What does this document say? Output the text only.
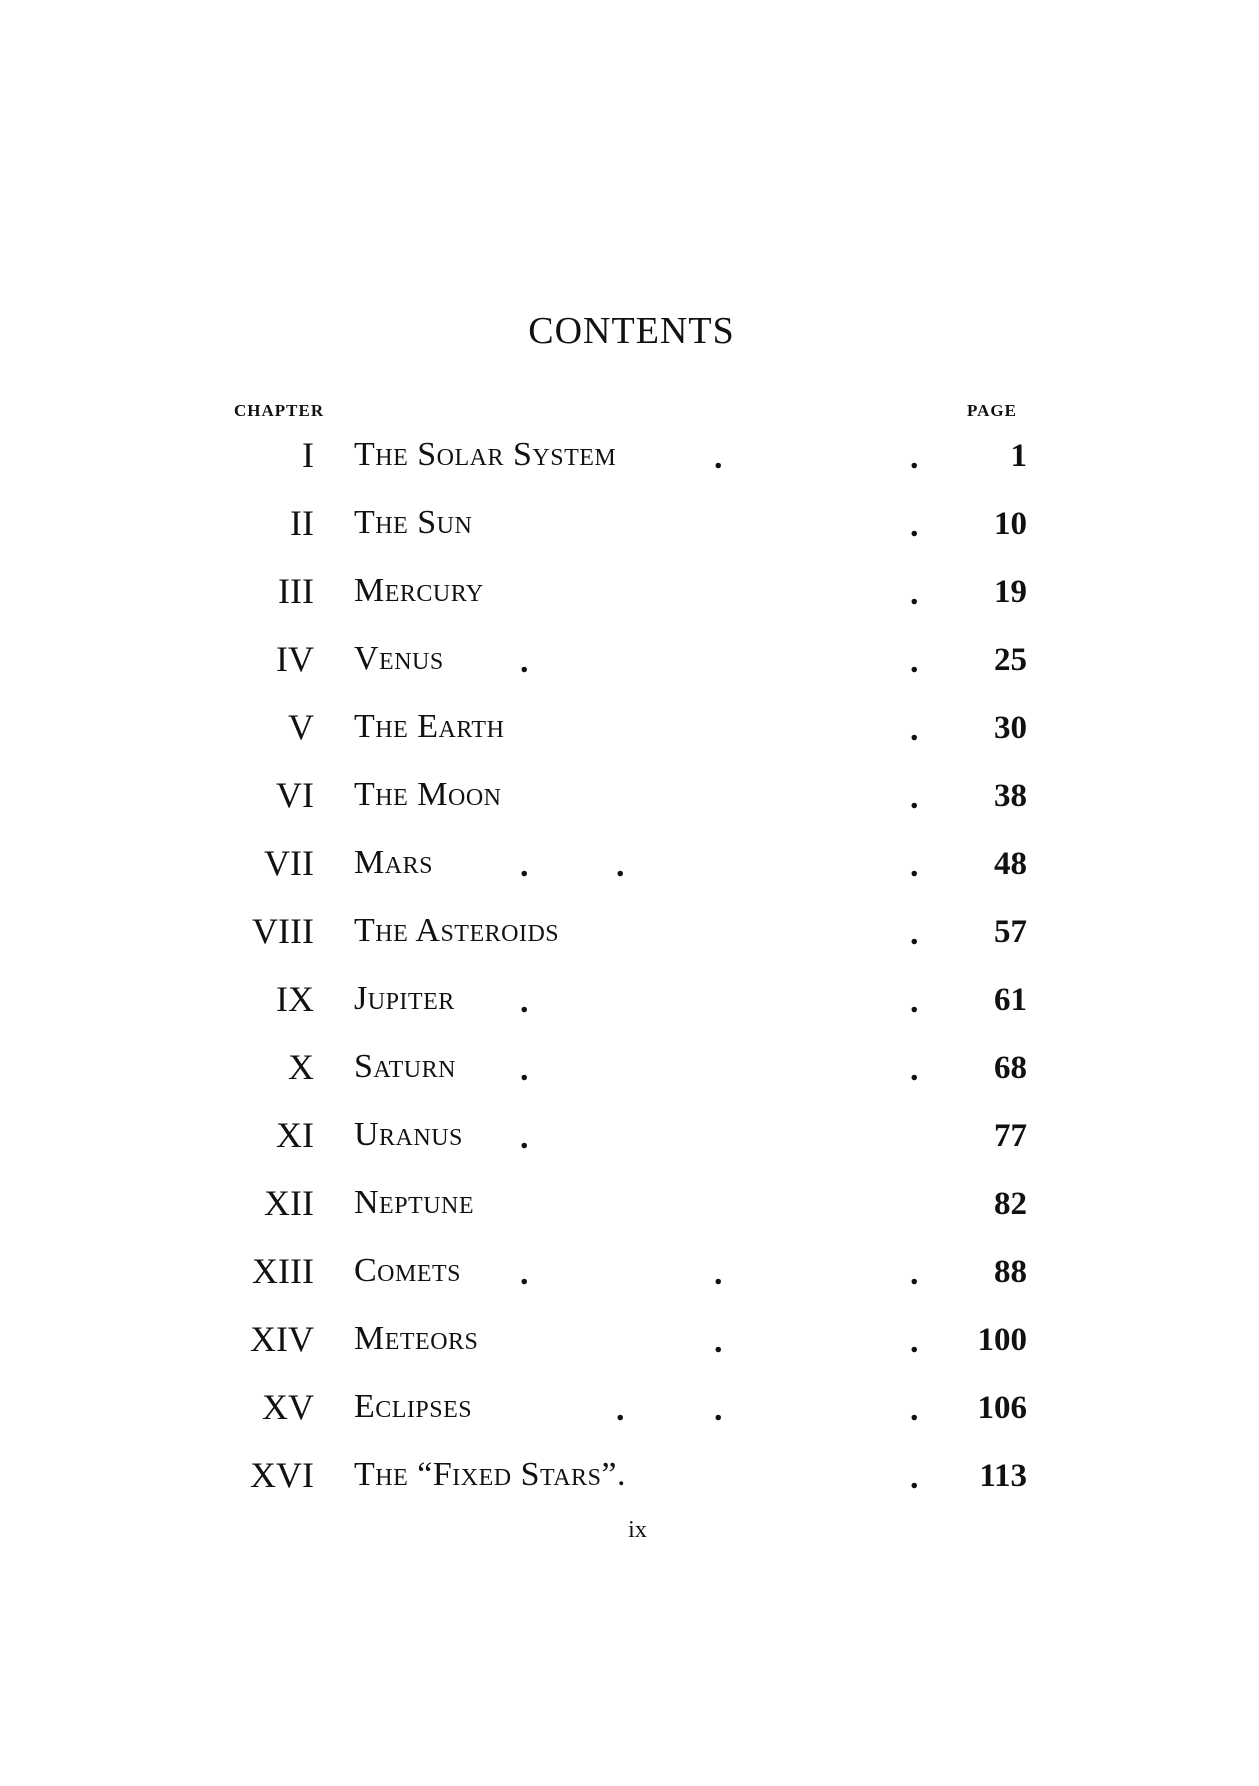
CONTENTS
CHAPTER	PAGE
I The Solar System	.	.	1
II The Sun	. 10
III Mercury	. 19
IV Venus .	. 25
V The Earth	. 30
VI The Moon	. 38
VII Mars	.	.	. 48
VIII The Asteroids	. 57
IX Jupiter .	. 61
X Saturn .	. 68
XI Uranus .	77
XII Neptune	82
XIII Comets .	.	. 88
XIV Meteors	.	. 100
XV Eclipses	.	.	. 106
XVI The “Fixed Stars”.	. 113
ix
